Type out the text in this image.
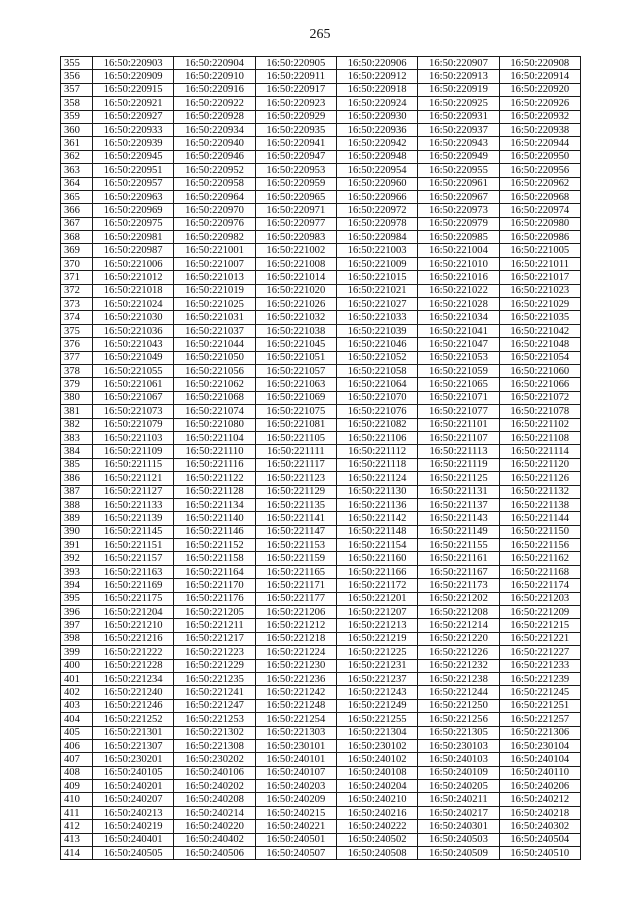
265
355	16:50:220903	16:50:220904	16:50:220905	16:50:220906	16:50:220907	16:50:220908
356	16:50:220909	16:50:220910	16:50:220911	16:50:220912	16:50:220913	16:50:220914
357	16:50:220915	16:50:220916	16:50:220917	16:50:220918	16:50:220919	16:50:220920
358	16:50:220921	16:50:220922	16:50:220923	16:50:220924	16:50:220925	16:50:220926
359	16:50:220927	16:50:220928	16:50:220929	16:50:220930	16:50:220931	16:50:220932
360	16:50:220933	16:50:220934	16:50:220935	16:50:220936	16:50:220937	16:50:220938
361	16:50:220939	16:50:220940	16:50:220941	16:50:220942	16:50:220943	16:50:220944
362	16:50:220945	16:50:220946	16:50:220947	16:50:220948	16:50:220949	16:50:220950
363	16:50:220951	16:50:220952	16:50:220953	16:50:220954	16:50:220955	16:50:220956
364	16:50:220957	16:50:220958	16:50:220959	16:50:220960	16:50:220961	16:50:220962
365	16:50:220963	16:50:220964	16:50:220965	16:50:220966	16:50:220967	16:50:220968
366	16:50:220969	16:50:220970	16:50:220971	16:50:220972	16:50:220973	16:50:220974
367	16:50:220975	16:50:220976	16:50:220977	16:50:220978	16:50:220979	16:50:220980
368	16:50:220981	16:50:220982	16:50:220983	16:50:220984	16:50:220985	16:50:220986
369	16:50:220987	16:50:221001	16:50:221002	16:50:221003	16:50:221004	16:50:221005
370	16:50:221006	16:50:221007	16:50:221008	16:50:221009	16:50:221010	16:50:221011
371	16:50:221012	16:50:221013	16:50:221014	16:50:221015	16:50:221016	16:50:221017
372	16:50:221018	16:50:221019	16:50:221020	16:50:221021	16:50:221022	16:50:221023
373	16:50:221024	16:50:221025	16:50:221026	16:50:221027	16:50:221028	16:50:221029
374	16:50:221030	16:50:221031	16:50:221032	16:50:221033	16:50:221034	16:50:221035
375	16:50:221036	16:50:221037	16:50:221038	16:50:221039	16:50:221041	16:50:221042
376	16:50:221043	16:50:221044	16:50:221045	16:50:221046	16:50:221047	16:50:221048
377	16:50:221049	16:50:221050	16:50:221051	16:50:221052	16:50:221053	16:50:221054
378	16:50:221055	16:50:221056	16:50:221057	16:50:221058	16:50:221059	16:50:221060
379	16:50:221061	16:50:221062	16:50:221063	16:50:221064	16:50:221065	16:50:221066
380	16:50:221067	16:50:221068	16:50:221069	16:50:221070	16:50:221071	16:50:221072
381	16:50:221073	16:50:221074	16:50:221075	16:50:221076	16:50:221077	16:50:221078
382	16:50:221079	16:50:221080	16:50:221081	16:50:221082	16:50:221101	16:50:221102
383	16:50:221103	16:50:221104	16:50:221105	16:50:221106	16:50:221107	16:50:221108
384	16:50:221109	16:50:221110	16:50:221111	16:50:221112	16:50:221113	16:50:221114
385	16:50:221115	16:50:221116	16:50:221117	16:50:221118	16:50:221119	16:50:221120
386	16:50:221121	16:50:221122	16:50:221123	16:50:221124	16:50:221125	16:50:221126
387	16:50:221127	16:50:221128	16:50:221129	16:50:221130	16:50:221131	16:50:221132
388	16:50:221133	16:50:221134	16:50:221135	16:50:221136	16:50:221137	16:50:221138
389	16:50:221139	16:50:221140	16:50:221141	16:50:221142	16:50:221143	16:50:221144
390	16:50:221145	16:50:221146	16:50:221147	16:50:221148	16:50:221149	16:50:221150
391	16:50:221151	16:50:221152	16:50:221153	16:50:221154	16:50:221155	16:50:221156
392	16:50:221157	16:50:221158	16:50:221159	16:50:221160	16:50:221161	16:50:221162
393	16:50:221163	16:50:221164	16:50:221165	16:50:221166	16:50:221167	16:50:221168
394	16:50:221169	16:50:221170	16:50:221171	16:50:221172	16:50:221173	16:50:221174
395	16:50:221175	16:50:221176	16:50:221177	16:50:221201	16:50:221202	16:50:221203
396	16:50:221204	16:50:221205	16:50:221206	16:50:221207	16:50:221208	16:50:221209
397	16:50:221210	16:50:221211	16:50:221212	16:50:221213	16:50:221214	16:50:221215
398	16:50:221216	16:50:221217	16:50:221218	16:50:221219	16:50:221220	16:50:221221
399	16:50:221222	16:50:221223	16:50:221224	16:50:221225	16:50:221226	16:50:221227
400	16:50:221228	16:50:221229	16:50:221230	16:50:221231	16:50:221232	16:50:221233
401	16:50:221234	16:50:221235	16:50:221236	16:50:221237	16:50:221238	16:50:221239
402	16:50:221240	16:50:221241	16:50:221242	16:50:221243	16:50:221244	16:50:221245
403	16:50:221246	16:50:221247	16:50:221248	16:50:221249	16:50:221250	16:50:221251
404	16:50:221252	16:50:221253	16:50:221254	16:50:221255	16:50:221256	16:50:221257
405	16:50:221301	16:50:221302	16:50:221303	16:50:221304	16:50:221305	16:50:221306
406	16:50:221307	16:50:221308	16:50:230101	16:50:230102	16:50:230103	16:50:230104
407	16:50:230201	16:50:230202	16:50:240101	16:50:240102	16:50:240103	16:50:240104
408	16:50:240105	16:50:240106	16:50:240107	16:50:240108	16:50:240109	16:50:240110
409	16:50:240201	16:50:240202	16:50:240203	16:50:240204	16:50:240205	16:50:240206
410	16:50:240207	16:50:240208	16:50:240209	16:50:240210	16:50:240211	16:50:240212
411	16:50:240213	16:50:240214	16:50:240215	16:50:240216	16:50:240217	16:50:240218
412	16:50:240219	16:50:240220	16:50:240221	16:50:240222	16:50:240301	16:50:240302
413	16:50:240401	16:50:240402	16:50:240501	16:50:240502	16:50:240503	16:50:240504
414	16:50:240505	16:50:240506	16:50:240507	16:50:240508	16:50:240509	16:50:240510
